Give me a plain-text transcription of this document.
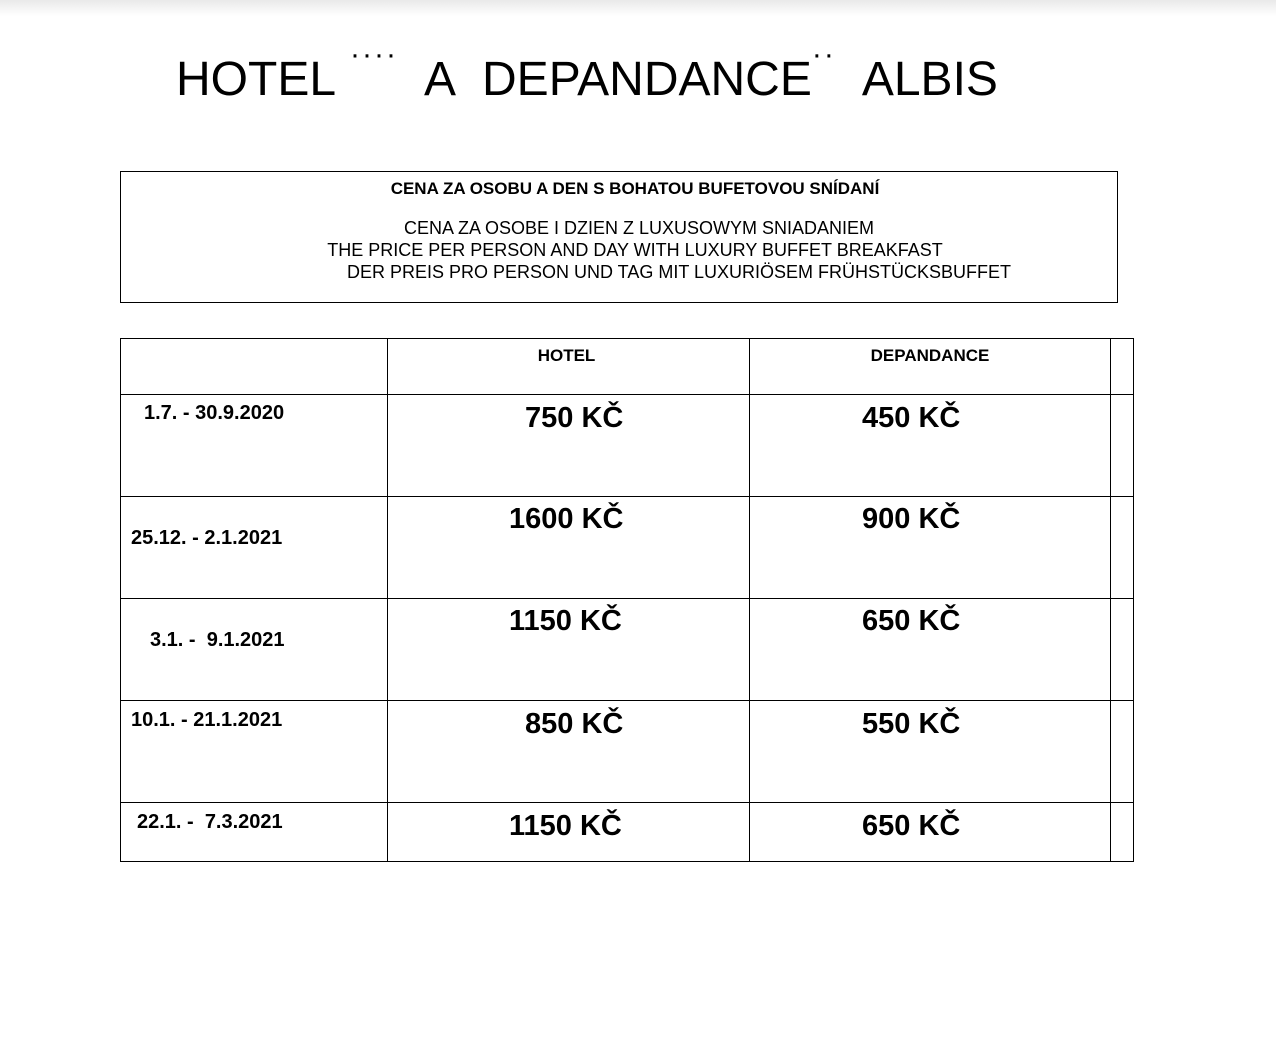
HOTEL ···· A DEPANDANCE·· ALBIS
CENA ZA OSOBU A DEN S BOHATOU BUFETOVOU SNÍDANÍ
CENA ZA OSOBE I DZIEN Z LUXUSOWYM SNIADANIEM
THE PRICE PER PERSON AND DAY WITH LUXURY BUFFET BREAKFAST
DER PREIS PRO PERSON UND TAG MIT LUXURIÖSEM FRÜHSTÜCKSBUFFET

	HOTEL	DEPANDANCE	

1.7. - 30.9.2020	750 KČ	450 KČ	

25.12. - 2.1.2021	1600 KČ	900 KČ	

3.1. -  9.1.2021	1150 KČ	650 KČ	

10.1. - 21.1.2021	850 KČ	550 KČ	

22.1. -  7.3.2021	1150 KČ	650 KČ	
